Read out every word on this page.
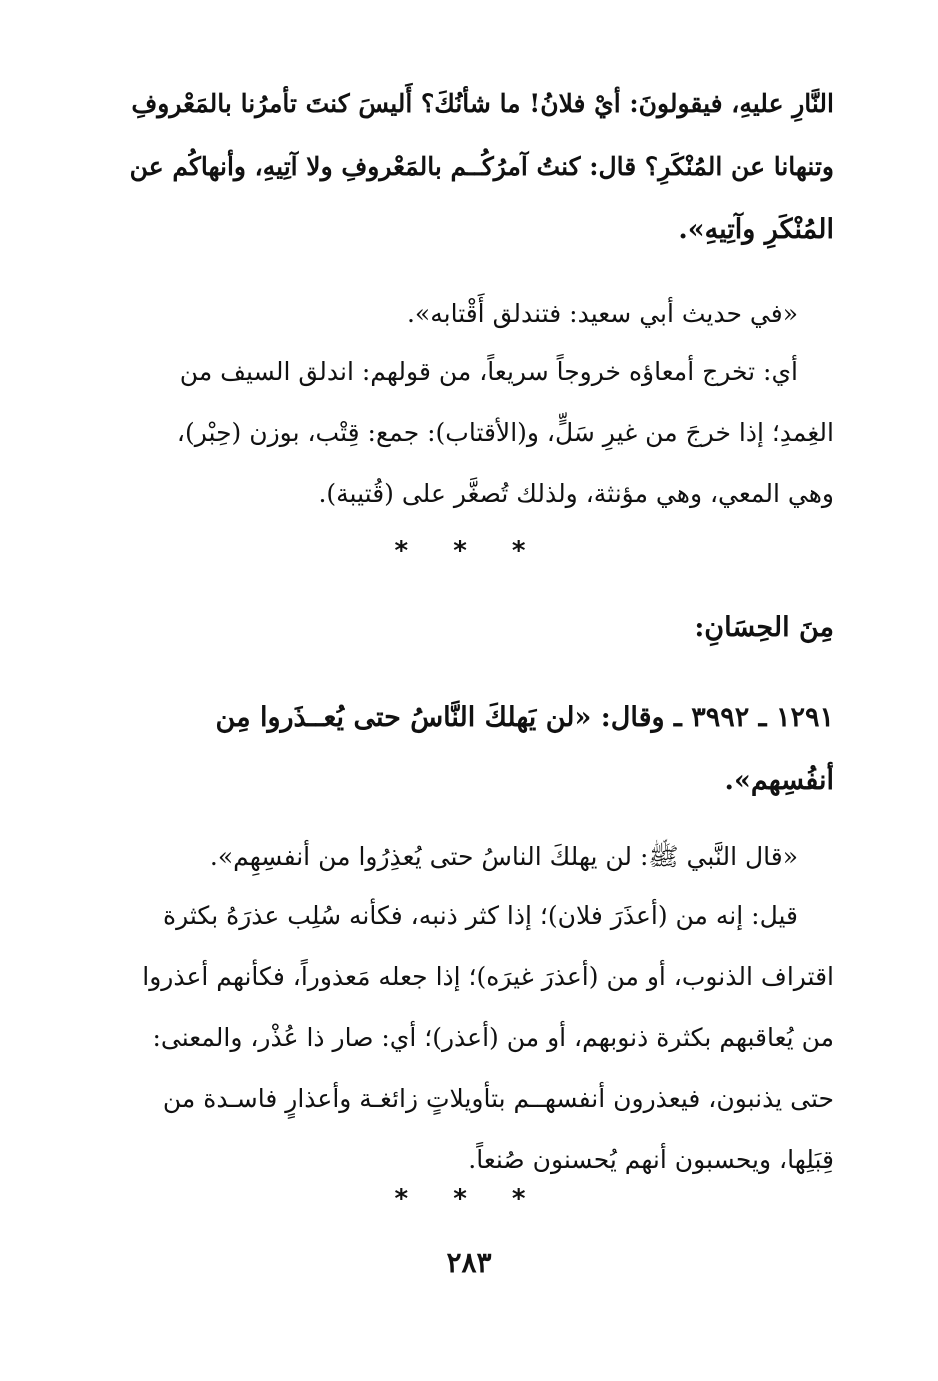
النَّارِ عليهِ، فيقولونَ: أيْ فلانُ! ما شأنُكَ؟ أَليسَ كنتَ تأمرُنا بالمَعْروفِ
وتنهانا عن المُنْكَرِ؟ قال: كنتُ آمرُكُــم بالمَعْروفِ ولا آتِيهِ، وأنهاكُم عن
المُنْكَرِ وآتِيهِ».
«في حديث أبي سعيد: فتندلق أَقْتابه».
أي: تخرج أمعاؤه خروجاً سريعاً، من قولهم: اندلق السيف من
الغِمدِ؛ إذا خرجَ من غيرِ سَلٍّ، و(الأقتاب): جمع: قِتْب، بوزن (حِبْر)،
وهي المعي، وهي مؤنثة، ولذلك تُصغَّر على (قُتيبة).
* * *
مِنَ الحِسَانِ:
١٢٩١ ـ ٣٩٩٢ ـ وقال: «لن يَهلكَ النَّاسُ حتى يُعــذَروا مِن
أنفُسِهم».
«قال النَّبي ﷺ: لن يهلكَ الناسُ حتى يُعذِرُوا من أنفسِهِم».
قيل: إنه من (أعذَرَ فلان)؛ إذا كثر ذنبه، فكأنه سُلِب عذرَهُ بكثرة
اقتراف الذنوب، أو من (أعذرَ غيرَه)؛ إذا جعله مَعذوراً، فكأنهم أعذروا
من يُعاقبهم بكثرة ذنوبهم، أو من (أعذر)؛ أي: صار ذا عُذْر، والمعنى:
حتى يذنبون، فيعذرون أنفسهــم بتأويلاتٍ زائغـة وأعذارٍ فاسـدة من
قِبَلِها، ويحسبون أنهم يُحسنون صُنعاً.
* * *
٢٨٣
